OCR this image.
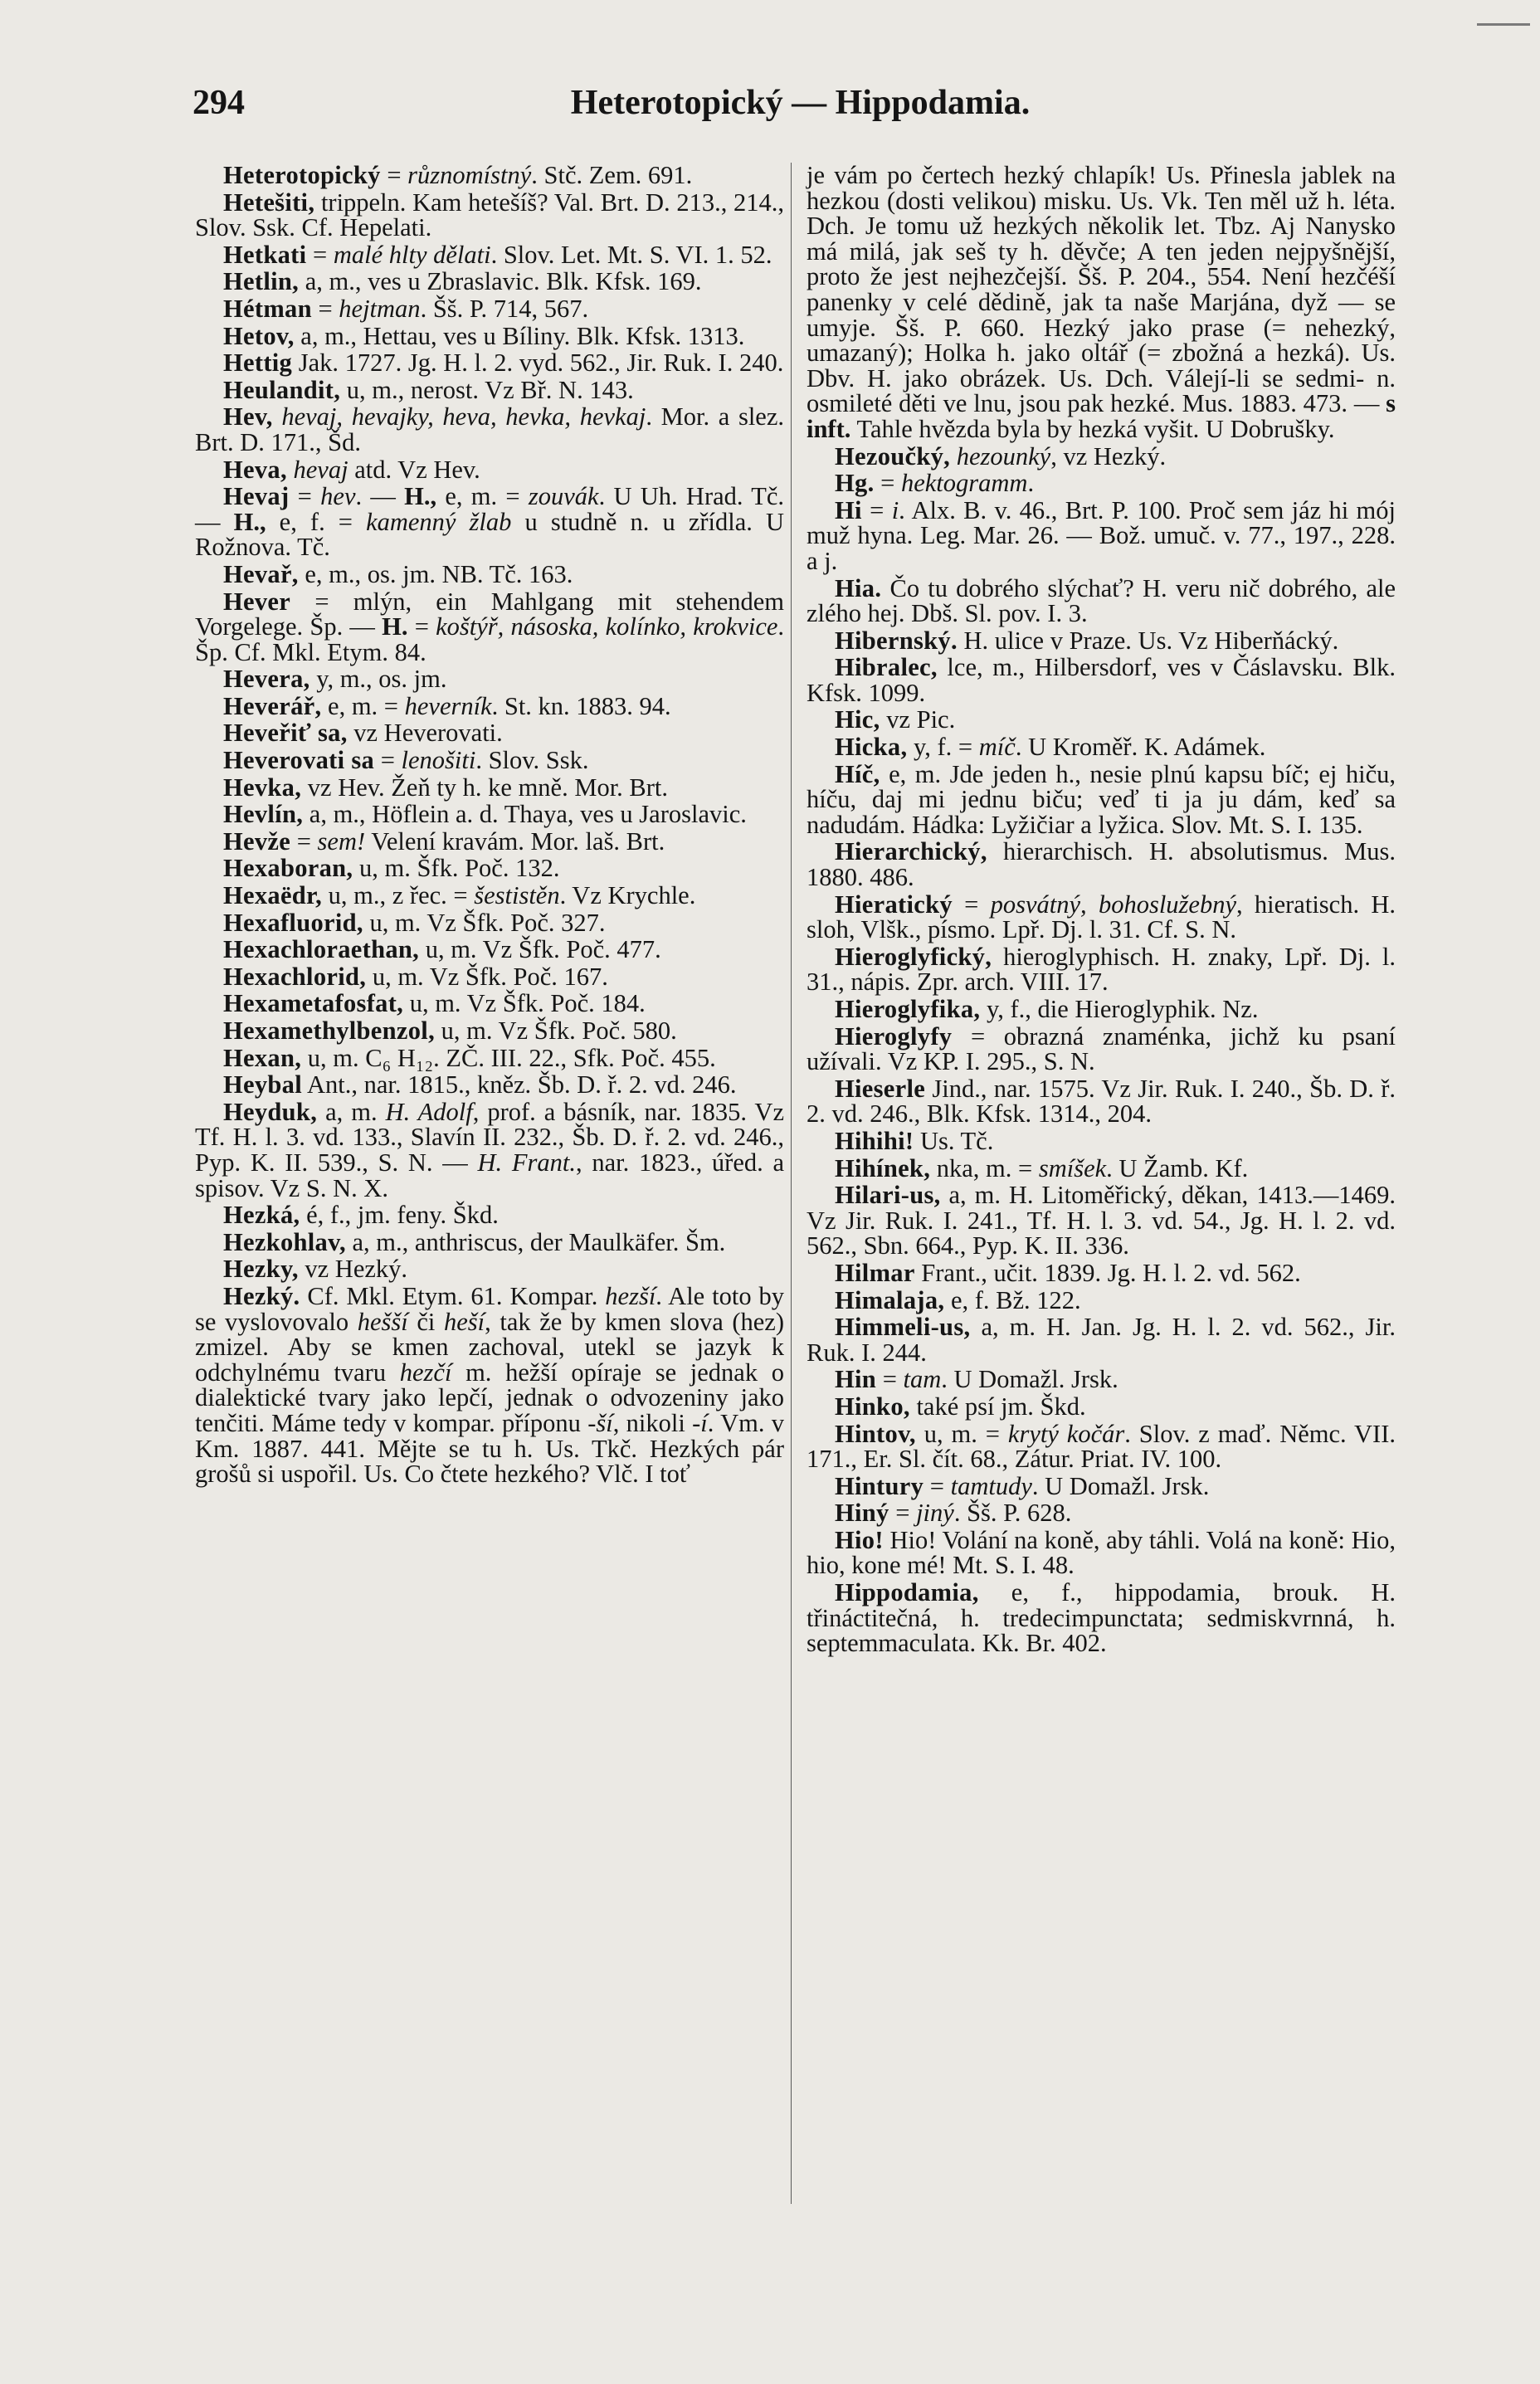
294	Heterotopický — Hippodamia.

Heterotopický = různomístný. Stč. Zem. 691.

Hetešiti, trippeln. Kam hetešíš? Val. Brt. D. 213., 214., Slov. Ssk. Cf. Hepelati.

Hetkati = malé hlty dělati. Slov. Let. Mt. S. VI. 1. 52.

Hetlin, a, m., ves u Zbraslavic. Blk. Kfsk. 169.

Hétman = hejtman. Šš. P. 714, 567.

Hetov, a, m., Hettau, ves u Bíliny. Blk. Kfsk. 1313.

Hettig Jak. 1727. Jg. H. l. 2. vyd. 562., Jir. Ruk. I. 240.

Heulandit, u, m., nerost. Vz Bř. N. 143.

Hev, hevaj, hevajky, heva, hevka, hevkaj. Mor. a slez. Brt. D. 171., Šd.

Heva, hevaj atd. Vz Hev.

Hevaj = hev. — H., e, m. = zouvák. U Uh. Hrad. Tč. — H., e, f. = kamenný žlab u studně n. u zřídla. U Rožnova. Tč.

Hevař, e, m., os. jm. NB. Tč. 163.

Hever = mlýn, ein Mahlgang mit stehendem Vorgelege. Šp. — H. = koštýř, násoska, kolínko, krokvice. Šp. Cf. Mkl. Etym. 84.

Hevera, y, m., os. jm.

Heverář, e, m. = heverník. St. kn. 1883. 94.

Heveřiť sa, vz Heverovati.

Heverovati sa = lenošiti. Slov. Ssk.

Hevka, vz Hev. Žeň ty h. ke mně. Mor. Brt.

Hevlín, a, m., Höflein a. d. Thaya, ves u Jaroslavic.

Hevže = sem! Velení kravám. Mor. laš. Brt.

Hexaboran, u, m. Šfk. Poč. 132.

Hexaëdr, u, m., z řec. = šestistěn. Vz Krychle.

Hexafluorid, u, m. Vz Šfk. Poč. 327.

Hexachloraethan, u, m. Vz Šfk. Poč. 477.

Hexachlorid, u, m. Vz Šfk. Poč. 167.

Hexametafosfat, u, m. Vz Šfk. Poč. 184.

Hexamethylbenzol, u, m. Vz Šfk. Poč. 580.

Hexan, u, m. C₆ H₁₂. ZČ. III. 22., Sfk. Poč. 455.

Heybal Ant., nar. 1815., kněz. Šb. D. ř. 2. vd. 246.

Heyduk, a, m. H. Adolf, prof. a básník, nar. 1835. Vz Tf. H. l. 3. vd. 133., Slavín II. 232., Šb. D. ř. 2. vd. 246., Pyp. K. II. 539., S. N. — H. Frant., nar. 1823., úřed. a spisov. Vz S. N. X.

Hezká, é, f., jm. feny. Škd.

Hezkohlav, a, m., anthriscus, der Maulkäfer. Šm.

Hezky, vz Hezký.

Hezký. Cf. Mkl. Etym. 61. Kompar. hezší. Ale toto by se vyslovovalo hešší či heší, tak že by kmen slova (hez) zmizel. Aby se kmen zachoval, utekl se jazyk k odchylnému tvaru hezčí m. hežší opíraje se jednak o dialektické tvary jako lepčí, jednak o odvozeniny jako tenčiti. Máme tedy v kompar. příponu -ší, nikoli -í. Vm. v Km. 1887. 441. Mějte se tu h. Us. Tkč. Hezkých pár grošů si uspořil. Us. Co čtete hezkého? Vlč. I toť

je vám po čertech hezký chlapík! Us. Přinesla jablek na hezkou (dosti velikou) misku. Us. Vk. Ten měl už h. léta. Dch. Je tomu už hezkých několik let. Tbz. Aj Nanysko má milá, jak seš ty h. děvče; A ten jeden nejpyšnější, proto že jest nejhezčejší. Šš. P. 204., 554. Není hezčéší panenky v celé dědině, jak ta naše Marjána, dyž — se umyje. Šš. P. 660. Hezký jako prase (= nehezký, umazaný); Holka h. jako oltář (= zbožná a hezká). Us. Dbv. H. jako obrázek. Us. Dch. Válejí-li se sedmi- n. osmileté děti ve lnu, jsou pak hezké. Mus. 1883. 473. — s inft. Tahle hvězda byla by hezká vyšit. U Dobrušky.

Hezoučký, hezounký, vz Hezký.

Hg. = hektogramm.

Hi = i. Alx. B. v. 46., Brt. P. 100. Proč sem jáz hi mój muž hyna. Leg. Mar. 26. — Bož. umuč. v. 77., 197., 228. a j.

Hia. Čo tu dobrého slýchať? H. veru nič dobrého, ale zlého hej. Dbš. Sl. pov. I. 3.

Hibernský. H. ulice v Praze. Us. Vz Hiberňácký.

Hibralec, lce, m., Hilbersdorf, ves v Čáslavsku. Blk. Kfsk. 1099.

Hic, vz Pic.

Hicka, y, f. = míč. U Kroměř. K. Adámek.

Híč, e, m. Jde jeden h., nesie plnú kapsu bíč; ej hiču, híču, daj mi jednu biču; veď ti ja ju dám, keď sa nadudám. Hádka: Lyžičiar a lyžica. Slov. Mt. S. I. 135.

Hierarchický, hierarchisch. H. absolutismus. Mus. 1880. 486.

Hieratický = posvátný, bohoslužebný, hieratisch. H. sloh, Vlšk., písmo. Lpř. Dj. l. 31. Cf. S. N.

Hieroglyfický, hieroglyphisch. H. znaky, Lpř. Dj. l. 31., nápis. Zpr. arch. VIII. 17.

Hieroglyfika, y, f., die Hieroglyphik. Nz.

Hieroglyfy = obrazná znaménka, jichž ku psaní užívali. Vz KP. I. 295., S. N.

Hieserle Jind., nar. 1575. Vz Jir. Ruk. I. 240., Šb. D. ř. 2. vd. 246., Blk. Kfsk. 1314., 204.

Hihihi! Us. Tč.

Hihínek, nka, m. = smíšek. U Žamb. Kf.

Hilari-us, a, m. H. Litoměřický, děkan, 1413.—1469. Vz Jir. Ruk. I. 241., Tf. H. l. 3. vd. 54., Jg. H. l. 2. vd. 562., Sbn. 664., Pyp. K. II. 336.

Hilmar Frant., učit. 1839. Jg. H. l. 2. vd. 562.

Himalaja, e, f. Bž. 122.

Himmeli-us, a, m. H. Jan. Jg. H. l. 2. vd. 562., Jir. Ruk. I. 244.

Hin = tam. U Domažl. Jrsk.

Hinko, také psí jm. Škd.

Hintov, u, m. = krytý kočár. Slov. z maď. Němc. VII. 171., Er. Sl. čít. 68., Zátur. Priat. IV. 100.

Hintury = tamtudy. U Domažl. Jrsk.

Hiný = jiný. Šš. P. 628.

Hio! Hio! Volání na koně, aby táhli. Volá na koně: Hio, hio, kone mé! Mt. S. I. 48.

Hippodamia, e, f., hippodamia, brouk. H. třináctitečná, h. tredecimpunctata; sedmiskvrnná, h. septemmaculata. Kk. Br. 402.
